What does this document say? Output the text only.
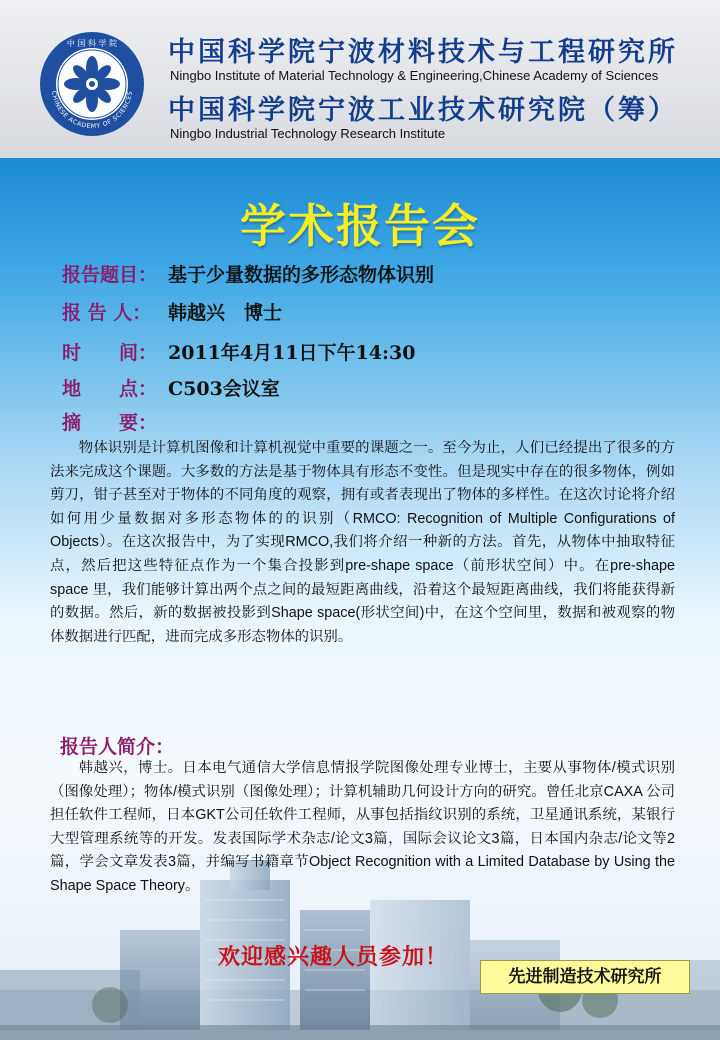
中 国 科 学 院
CHINESE ACADEMY OF SCIENCES
中国科学院宁波材料技术与工程研究所
Ningbo Institute of Material Technology & Engineering,Chinese Academy of Sciences
中国科学院宁波工业技术研究院（筹）
Ningbo Industrial Technology Research Institute
学术报告会
报告题目： 基于少量数据的多形态物体识别
报 告 人： 韩越兴　博士
时　　间： 2011年4月11日下午14:30
地　　点： C503会议室
摘　　要：
物体识别是计算机图像和计算机视觉中重要的课题之一。至今为止，人们已经提出了很多的方法来完成这个课题。大多数的方法是基于物体具有形态不变性。但是现实中存在的很多物体，例如剪刀，钳子甚至对于物体的不同角度的观察，拥有或者表现出了物体的多样性。在这次讨论将介绍如何用少量数据对多形态物体的的识别（RMCO: Recognition of Multiple Configurations of Objects）。在这次报告中，为了实现RMCO,我们将介绍一种新的方法。首先，从物体中抽取特征点，然后把这些特征点作为一个集合投影到pre-shape space（前形状空间）中。在pre-shape space 里，我们能够计算出两个点之间的最短距离曲线，沿着这个最短距离曲线，我们将能获得新的数据。然后，新的数据被投影到Shape space(形状空间)中，在这个空间里，数据和被观察的物体数据进行匹配，进而完成多形态物体的识别。
报告人简介：
韩越兴，博士。日本电气通信大学信息情报学院图像处理专业博士，主要从事物体/模式识别（图像处理）；物体/模式识别（图像处理）；计算机辅助几何设计方向的研究。曾任北京CAXA 公司担任软件工程师，日本GKT公司任软件工程师，从事包括指纹识别的系统，卫星通讯系统，某银行大型管理系统等的开发。发表国际学术杂志/论文3篇，国际会议论文3篇，日本国内杂志/论文等2篇，学会文章发表3篇，并编写书籍章节Object Recognition with a Limited Database by Using the Shape Space Theory。
欢迎感兴趣人员参加！
先进制造技术研究所
